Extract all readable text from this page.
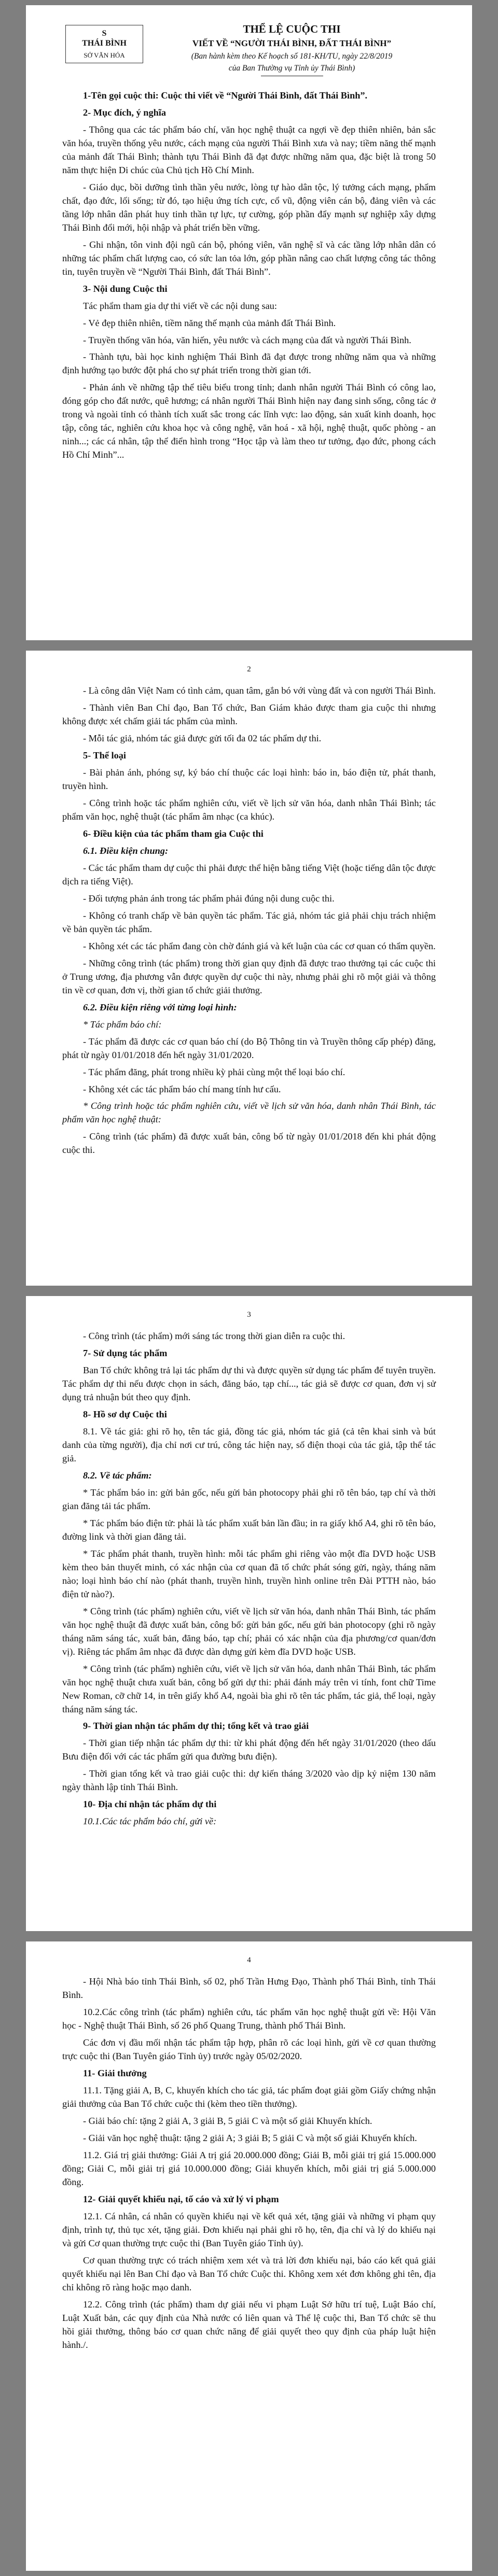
S
THÁI BÌNH
SỞ VĂN HÓA
THỂ LỆ CUỘC THI
VIẾT VỀ “NGƯỜI THÁI BÌNH, ĐẤT THÁI BÌNH”
(Ban hành kèm theo Kế hoạch số 181-KH/TU, ngày 22/8/2019
của Ban Thường vụ Tỉnh ủy Thái Bình)

1-Tên gọi cuộc thi: Cuộc thi viết về “Người Thái Bình, đất Thái Bình”.

2- Mục đích, ý nghĩa

- Thông qua các tác phẩm báo chí, văn học nghệ thuật ca ngợi về đẹp thiên nhiên, bản sắc văn hóa, truyền thống yêu nước, cách mạng của người Thái Bình xưa và nay; tiềm năng thế mạnh của mảnh đất Thái Bình; thành tựu Thái Bình đã đạt được những năm qua, đặc biệt là trong 50 năm thực hiện Di chúc của Chủ tịch Hồ Chí Minh.

- Giáo dục, bồi dưỡng tình thần yêu nước, lòng tự hào dân tộc, lý tưởng cách mạng, phẩm chất, đạo đức, lối sống; từ đó, tạo hiệu ứng tích cực, cổ vũ, động viên cán bộ, đảng viên và các tầng lớp nhân dân phát huy tinh thần tự lực, tự cường, góp phần đẩy mạnh sự nghiệp xây dựng Thái Bình đổi mới, hội nhập và phát triển bền vững.

- Ghi nhận, tôn vinh đội ngũ cán bộ, phóng viên, văn nghệ sĩ và các tầng lớp nhân dân có những tác phẩm chất lượng cao, có sức lan tỏa lớn, góp phần nâng cao chất lượng công tác thông tin, tuyên truyền về “Người Thái Bình, đất Thái Bình”.

3- Nội dung Cuộc thi

Tác phẩm tham gia dự thi viết về các nội dung sau:

- Vẻ đẹp thiên nhiên, tiềm năng thế mạnh của mảnh đất Thái Bình.

- Truyền thống văn hóa, văn hiến, yêu nước và cách mạng của đất và người Thái Bình.

- Thành tựu, bài học kinh nghiệm Thái Bình đã đạt được trong những năm qua và những định hướng tạo bước đột phá cho sự phát triển trong thời gian tới.

- Phản ánh về những tập thể tiêu biểu trong tỉnh; danh nhân người Thái Bình có công lao, đóng góp cho đất nước, quê hương; cá nhân người Thái Bình hiện nay đang sinh sống, công tác ở trong và ngoài tỉnh có thành tích xuất sắc trong các lĩnh vực: lao động, sản xuất kinh doanh, học tập, công tác, nghiên cứu khoa học và công nghệ, văn hoá - xã hội, nghệ thuật, quốc phòng - an ninh...; các cá nhân, tập thể điển hình trong “Học tập và làm theo tư tưởng, đạo đức, phong cách Hồ Chí Minh”...

2

- Là công dân Việt Nam có tình cảm, quan tâm, gắn bó với vùng đất và con người Thái Bình.

- Thành viên Ban Chỉ đạo, Ban Tổ chức, Ban Giám khảo được tham gia cuộc thi nhưng không được xét chấm giải tác phẩm của mình.

- Mỗi tác giả, nhóm tác giả được gửi tối đa 02 tác phẩm dự thi.

5- Thể loại

- Bài phản ánh, phóng sự, ký báo chí thuộc các loại hình: báo in, báo điện tử, phát thanh, truyền hình.

- Công trình hoặc tác phẩm nghiên cứu, viết về lịch sử văn hóa, danh nhân Thái Bình; tác phẩm văn học, nghệ thuật (tác phẩm âm nhạc (ca khúc).

6- Điều kiện của tác phẩm tham gia Cuộc thi

6.1. Điều kiện chung:

- Các tác phẩm tham dự cuộc thi phải được thể hiện bằng tiếng Việt (hoặc tiếng dân tộc được dịch ra tiếng Việt).

- Đối tượng phản ánh trong tác phẩm phải đúng nội dung cuộc thi.

- Không có tranh chấp về bản quyền tác phẩm. Tác giả, nhóm tác giả phải chịu trách nhiệm về bản quyền tác phẩm.

- Không xét các tác phẩm đang còn chờ đánh giá và kết luận của các cơ quan có thẩm quyền.

- Những công trình (tác phẩm) trong thời gian quy định đã được trao thưởng tại các cuộc thi ở Trung ương, địa phương vẫn được quyền dự cuộc thi này, nhưng phải ghi rõ một giải và thông tin về cơ quan, đơn vị, thời gian tổ chức giải thưởng.

6.2. Điều kiện riêng với từng loại hình:

* Tác phẩm báo chí:

- Tác phẩm đã được các cơ quan báo chí (do Bộ Thông tin và Truyền thông cấp phép) đăng, phát từ ngày 01/01/2018 đến hết ngày 31/01/2020.

- Tác phẩm đăng, phát trong nhiều kỳ phải cùng một thể loại báo chí.

- Không xét các tác phẩm báo chí mang tính hư cấu.

* Công trình hoặc tác phẩm nghiên cứu, viết về lịch sử văn hóa, danh nhân Thái Bình, tác phẩm văn học nghệ thuật:

- Công trình (tác phẩm) đã được xuất bản, công bố từ ngày 01/01/2018 đến khi phát động cuộc thi.

3

- Công trình (tác phẩm) mới sáng tác trong thời gian diễn ra cuộc thi.

7- Sử dụng tác phẩm

Ban Tổ chức không trả lại tác phẩm dự thi và được quyền sử dụng tác phẩm để tuyên truyền. Tác phẩm dự thi nếu được chọn in sách, đăng báo, tạp chí..., tác giả sẽ được cơ quan, đơn vị sử dụng trả nhuận bút theo quy định.

8- Hồ sơ dự Cuộc thi

8.1. Về tác giả: ghi rõ họ, tên tác giả, đồng tác giả, nhóm tác giả (cả tên khai sinh và bút danh của từng người), địa chỉ nơi cư trú, công tác hiện nay, số điện thoại của tác giả, tập thể tác giả.

8.2. Về tác phẩm:

* Tác phẩm báo in: gửi bản gốc, nếu gửi bản photocopy phải ghi rõ tên báo, tạp chí và thời gian đăng tải tác phẩm.

* Tác phẩm báo điện tử: phải là tác phẩm xuất bản lần đầu; in ra giấy khổ A4, ghi rõ tên báo, đường link và thời gian đăng tải.

* Tác phẩm phát thanh, truyền hình: mỗi tác phẩm ghi riêng vào một đĩa DVD hoặc USB kèm theo bản thuyết minh, có xác nhận của cơ quan đã tổ chức phát sóng gửi, ngày, tháng năm nào; loại hình báo chí nào (phát thanh, truyền hình, truyền hình online trên Đài PTTH nào, báo điện tử nào?).

* Công trình (tác phẩm) nghiên cứu, viết về lịch sử văn hóa, danh nhân Thái Bình, tác phẩm văn học nghệ thuật đã được xuất bản, công bố: gửi bản gốc, nếu gửi bản photocopy (ghi rõ ngày tháng năm sáng tác, xuất bản, đăng báo, tạp chí; phải có xác nhận của địa phương/cơ quan/đơn vị). Riêng tác phẩm âm nhạc đã được dàn dựng gửi kèm đĩa DVD hoặc USB.

* Công trình (tác phẩm) nghiên cứu, viết về lịch sử văn hóa, danh nhân Thái Bình, tác phẩm văn học nghệ thuật chưa xuất bản, công bố gửi dự thi: phải đánh máy trên vi tính, font chữ Time New Roman, cỡ chữ 14, in trên giấy khổ A4, ngoài bìa ghi rõ tên tác phẩm, tác giả, thể loại, ngày tháng năm sáng tác.

9- Thời gian nhận tác phẩm dự thi; tổng kết và trao giải

- Thời gian tiếp nhận tác phẩm dự thi: từ khi phát động đến hết ngày 31/01/2020 (theo dấu Bưu điện đối với các tác phẩm gửi qua đường bưu điện).

- Thời gian tổng kết và trao giải cuộc thi: dự kiến tháng 3/2020 vào dịp kỷ niệm 130 năm ngày thành lập tỉnh Thái Bình.

10- Địa chỉ nhận tác phẩm dự thi

10.1.Các tác phẩm báo chí, gửi về:

4

- Hội Nhà báo tỉnh Thái Bình, số 02, phố Trần Hưng Đạo, Thành phố Thái Bình, tỉnh Thái Bình.

10.2.Các công trình (tác phẩm) nghiên cứu, tác phẩm văn học nghệ thuật gửi về: Hội Văn học - Nghệ thuật Thái Bình, số 26 phố Quang Trung, thành phố Thái Bình.

Các đơn vị đầu mối nhận tác phẩm tập hợp, phân rõ các loại hình, gửi về cơ quan thường trực cuộc thi (Ban Tuyên giáo Tỉnh ủy) trước ngày 05/02/2020.

11- Giải thưởng

11.1. Tặng giải A, B, C, khuyến khích cho tác giả, tác phẩm đoạt giải gồm Giấy chứng nhận giải thưởng của Ban Tổ chức cuộc thi (kèm theo tiền thưởng).

- Giải báo chí: tặng 2 giải A, 3 giải B, 5 giải C và một số giải Khuyến khích.

- Giải văn học nghệ thuật: tặng 2 giải A; 3 giải B; 5 giải C và một số giải Khuyến khích.

11.2. Giá trị giải thưởng: Giải A trị giá 20.000.000 đồng; Giải B, mỗi giải trị giá 15.000.000 đồng; Giải C, mỗi giải trị giá 10.000.000 đồng; Giải khuyến khích, mỗi giải trị giá 5.000.000 đồng.

12- Giải quyết khiếu nại, tố cáo và xử lý vi phạm

12.1. Cá nhân, cá nhân có quyền khiếu nại về kết quả xét, tặng giải và những vi phạm quy định, trình tự, thủ tục xét, tặng giải. Đơn khiếu nại phải ghi rõ họ, tên, địa chỉ và lý do khiếu nại và gửi Cơ quan thường trực cuộc thi (Ban Tuyên giáo Tỉnh ủy).

Cơ quan thường trực có trách nhiệm xem xét và trả lời đơn khiếu nại, báo cáo kết quả giải quyết khiếu nại lên Ban Chỉ đạo và Ban Tổ chức Cuộc thi. Không xem xét đơn không ghi tên, địa chỉ không rõ ràng hoặc mạo danh.

12.2. Công trình (tác phẩm) tham dự giải nếu vi phạm Luật Sở hữu trí tuệ, Luật Báo chí, Luật Xuất bản, các quy định của Nhà nước có liên quan và Thể lệ cuộc thi, Ban Tổ chức sẽ thu hồi giải thưởng, thông báo cơ quan chức năng để giải quyết theo quy định của pháp luật hiện hành./.
